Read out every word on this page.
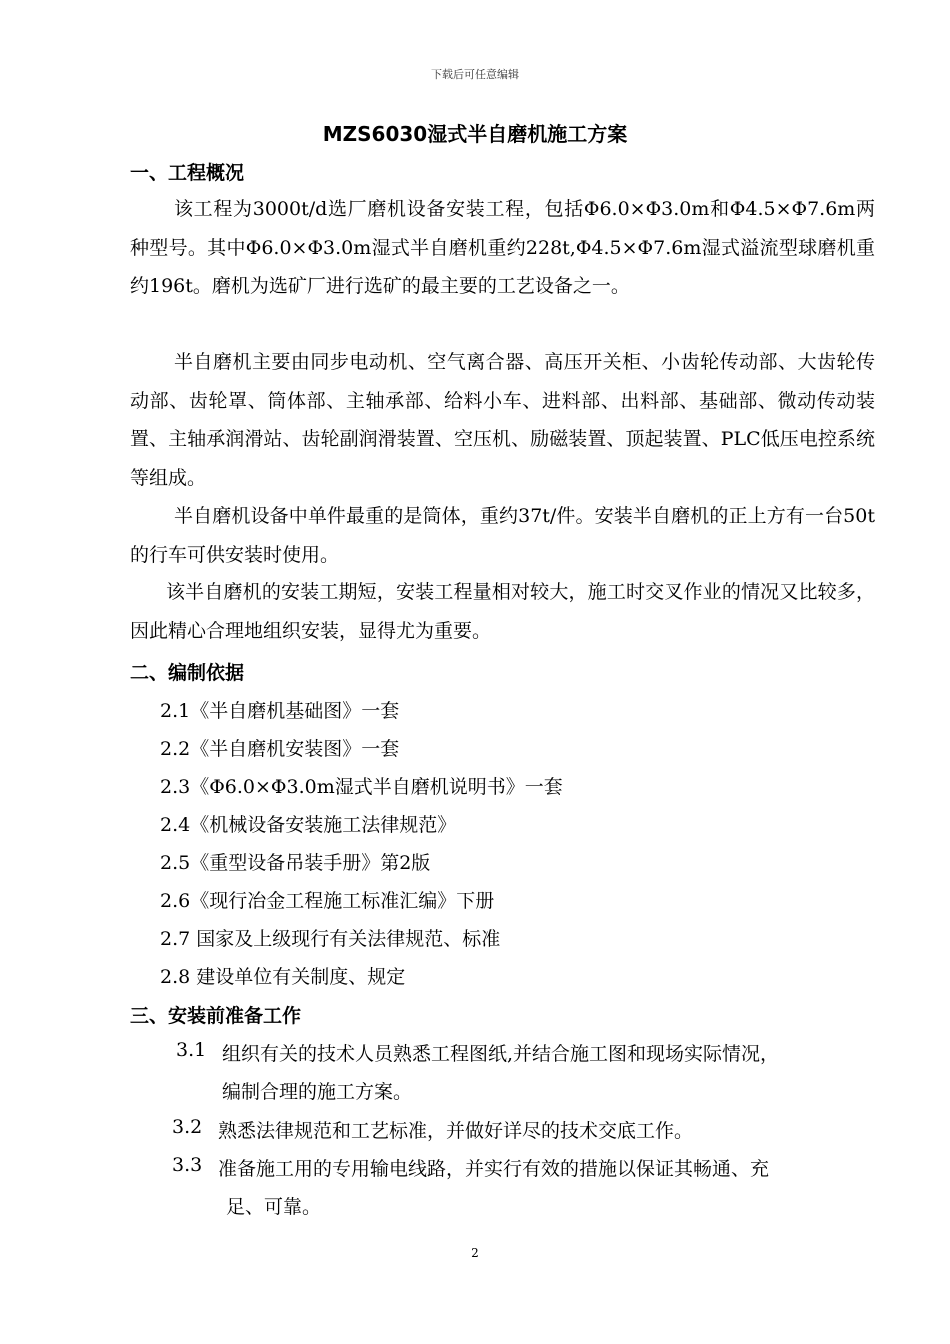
下载后可任意编辑
MZS6030湿式半自磨机施工方案
一、工程概况
该工程为3000t/d选厂磨机设备安装工程，包括Φ6.0×Φ3.0m和Φ4.5×Φ7.6m两种型号。其中Φ6.0×Φ3.0m湿式半自磨机重约228t,Φ4.5×Φ7.6m湿式溢流型球磨机重约196t。磨机为选矿厂进行选矿的最主要的工艺设备之一。
半自磨机主要由同步电动机、空气离合器、高压开关柜、小齿轮传动部、大齿轮传动部、齿轮罩、筒体部、主轴承部、给料小车、进料部、出料部、基础部、微动传动装置、主轴承润滑站、齿轮副润滑装置、空压机、励磁装置、顶起装置、PLC低压电控系统等组成。
半自磨机设备中单件最重的是筒体，重约37t/件。安装半自磨机的正上方有一台50t的行车可供安装时使用。
该半自磨机的安装工期短，安装工程量相对较大，施工时交叉作业的情况又比较多，因此精心合理地组织安装，显得尤为重要。
二、编制依据
2.1《半自磨机基础图》一套
2.2《半自磨机安装图》一套
2.3《Φ6.0×Φ3.0m湿式半自磨机说明书》一套
2.4《机械设备安装施工法律规范》
2.5《重型设备吊装手册》第2版
2.6《现行冶金工程施工标准汇编》下册
2.7 国家及上级现行有关法律规范、标准
2.8 建设单位有关制度、规定
三、安装前准备工作
3.1 组织有关的技术人员熟悉工程图纸,并结合施工图和现场实际情况，
编制合理的施工方案。
3.2 熟悉法律规范和工艺标准，并做好详尽的技术交底工作。
3.3 准备施工用的专用输电线路，并实行有效的措施以保证其畅通、充
足、可靠。
2
